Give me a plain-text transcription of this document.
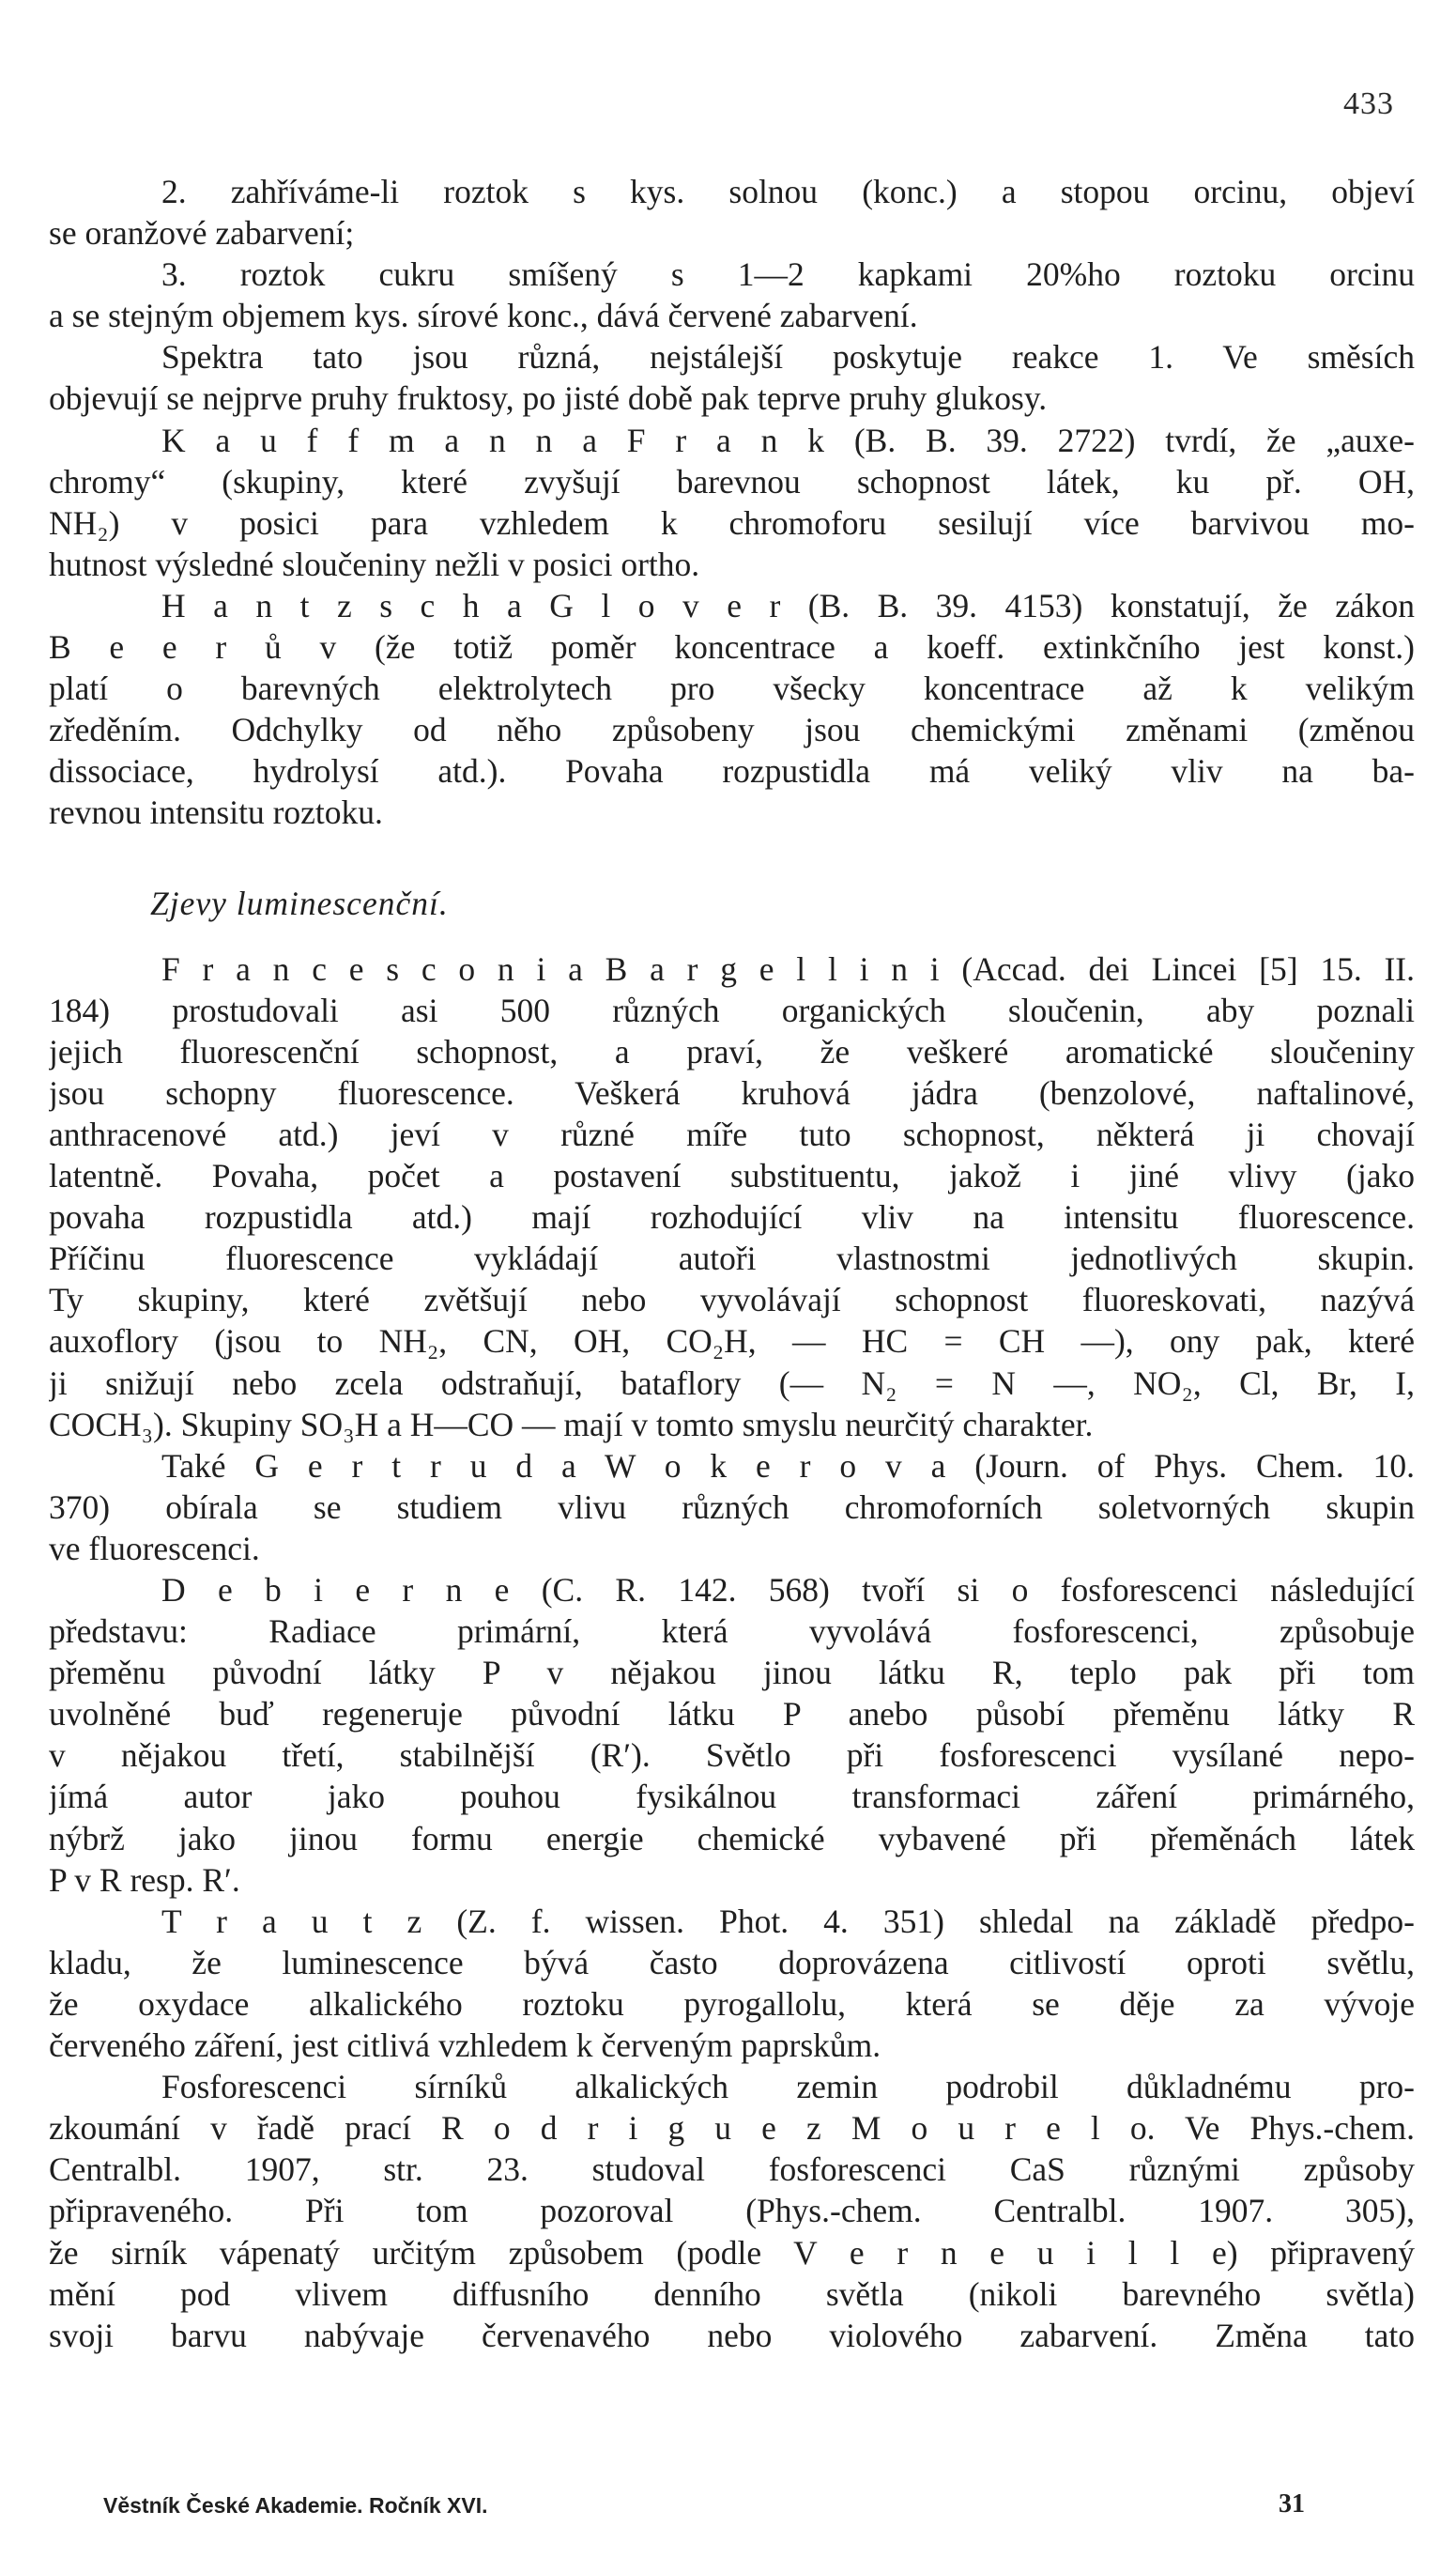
433
2. zahříváme-li roztok s kys. solnou (konc.) a stopou orcinu, objeví
se oranžové zabarvení;
3. roztok cukru smíšený s 1—2 kapkami 20%ho roztoku orcinu
a se stejným objemem kys. sírové konc., dává červené zabarvení.
Spektra tato jsou různá, nejstálejší poskytuje reakce 1. Ve směsích
objevují se nejprve pruhy fruktosy, po jisté době pak teprve pruhy glukosy.
K a u f f m a n n a F r a n k (B. B. 39. 2722) tvrdí, že „auxe-
chromy“ (skupiny, které zvyšují barevnou schopnost látek, ku př. OH,
NH₂) v posici para vzhledem k chromoforu sesilují více barvivou mo-
hutnost výsledné sloučeniny nežli v posici ortho.
H a n t z s c h a G l o v e r (B. B. 39. 4153) konstatují, že zákon
B e e r ů v (že totiž poměr koncentrace a koeff. extinkčního jest konst.)
platí o barevných elektrolytech pro všecky koncentrace až k velikým
zředěním. Odchylky od něho způsobeny jsou chemickými změnami (změnou
dissociace, hydrolysí atd.). Povaha rozpustidla má veliký vliv na ba-
revnou intensitu roztoku.
Zjevy luminescenční.
F r a n c e s c o n i a B a r g e l l i n i (Accad. dei Lincei [5] 15. II.
184) prostudovali asi 500 různých organických sloučenin, aby poznali
jejich fluorescenční schopnost, a praví, že veškeré aromatické sloučeniny
jsou schopny fluorescence. Veškerá kruhová jádra (benzolové, naftalinové,
anthracenové atd.) jeví v různé míře tuto schopnost, některá ji chovají
latentně. Povaha, počet a postavení substituentu, jakož i jiné vlivy (jako
povaha rozpustidla atd.) mají rozhodující vliv na intensitu fluorescence.
Příčinu fluorescence vykládají autoři vlastnostmi jednotlivých skupin.
Ty skupiny, které zvětšují nebo vyvolávají schopnost fluoreskovati, nazývá
auxoflory (jsou to NH₂, CN, OH, CO₂H, — HC = CH —), ony pak, které
ji snižují nebo zcela odstraňují, bataflory (— N₂ = N —, NO₂, Cl, Br, I,
COCH₃). Skupiny SO₃H a H—CO — mají v tomto smyslu neurčitý charakter.
Také G e r t r u d a W o k e r o v a (Journ. of Phys. Chem. 10.
370) obírala se studiem vlivu různých chromoforních soletvorných skupin
ve fluorescenci.
D e b i e r n e (C. R. 142. 568) tvoří si o fosforescenci následující
představu: Radiace primární, která vyvolává fosforescenci, způsobuje
přeměnu původní látky P v nějakou jinou látku R, teplo pak při tom
uvolněné buď regeneruje původní látku P anebo působí přeměnu látky R
v nějakou třetí, stabilnější (R′). Světlo při fosforescenci vysílané nepo-
jímá autor jako pouhou fysikálnou transformaci záření primárného,
nýbrž jako jinou formu energie chemické vybavené při přeměnách látek
P v R resp. R′.
T r a u t z (Z. f. wissen. Phot. 4. 351) shledal na základě předpo-
kladu, že luminescence bývá často doprovázena citlivostí oproti světlu,
že oxydace alkalického roztoku pyrogallolu, která se děje za vývoje
červeného záření, jest citlivá vzhledem k červeným paprskům.
Fosforescenci sírníků alkalických zemin podrobil důkladnému pro-
zkoumání v řadě prací R o d r i g u e z M o u r e l o. Ve Phys.-chem.
Centralbl. 1907, str. 23. studoval fosforescenci CaS různými způsoby
připraveného. Při tom pozoroval (Phys.-chem. Centralbl. 1907. 305),
že sirník vápenatý určitým způsobem (podle V e r n e u i l l e) připravený
mění pod vlivem diffusního denního světla (nikoli barevného světla)
svoji barvu nabývaje červenavého nebo violového zabarvení. Změna tato
Věstník České Akademie. Ročník XVI.	31
